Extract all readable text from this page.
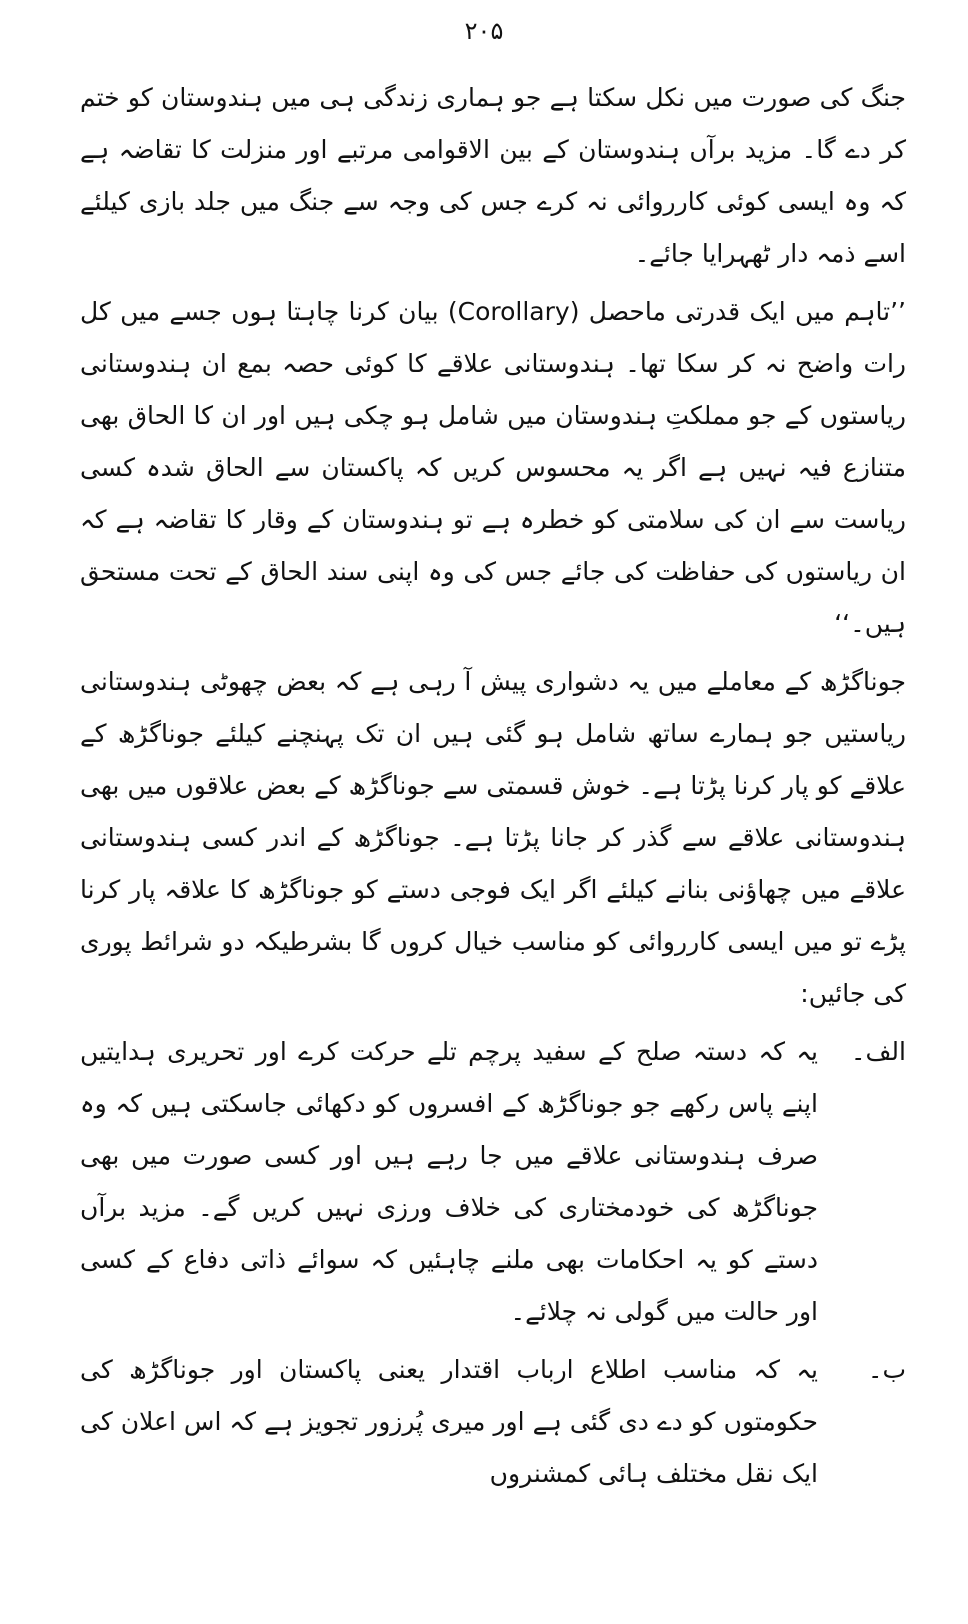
۲۰۵

جنگ کی صورت میں نکل سکتا ہے جو ہماری زندگی ہی میں ہندوستان کو ختم کر دے گا۔ مزید برآں ہندوستان کے بین الاقوامی مرتبے اور منزلت کا تقاضہ ہے کہ وہ ایسی کوئی کارروائی نہ کرے جس کی وجہ سے جنگ میں جلد بازی کیلئے اسے ذمہ دار ٹھہرایا جائے۔

’’تاہم میں ایک قدرتی ماحصل (Corollary) بیان کرنا چاہتا ہوں جسے میں کل رات واضح نہ کر سکا تھا۔ ہندوستانی علاقے کا کوئی حصہ بمع ان ہندوستانی ریاستوں کے جو مملکتِ ہندوستان میں شامل ہو چکی ہیں اور ان کا الحاق بھی متنازع فیہ نہیں ہے اگر یہ محسوس کریں کہ پاکستان سے الحاق شدہ کسی ریاست سے ان کی سلامتی کو خطرہ ہے تو ہندوستان کے وقار کا تقاضہ ہے کہ ان ریاستوں کی حفاظت کی جائے جس کی وہ اپنی سند الحاق کے تحت مستحق ہیں۔‘‘

جوناگڑھ کے معاملے میں یہ دشواری پیش آ رہی ہے کہ بعض چھوٹی ہندوستانی ریاستیں جو ہمارے ساتھ شامل ہو گئی ہیں ان تک پہنچنے کیلئے جوناگڑھ کے علاقے کو پار کرنا پڑتا ہے۔ خوش قسمتی سے جوناگڑھ کے بعض علاقوں میں بھی ہندوستانی علاقے سے گذر کر جانا پڑتا ہے۔ جوناگڑھ کے اندر کسی ہندوستانی علاقے میں چھاؤنی بنانے کیلئے اگر ایک فوجی دستے کو جوناگڑھ کا علاقہ پار کرنا پڑے تو میں ایسی کارروائی کو مناسب خیال کروں گا بشرطیکہ دو شرائط پوری کی جائیں:

الف۔
یہ کہ دستہ صلح کے سفید پرچم تلے حرکت کرے اور تحریری ہدایتیں اپنے پاس رکھے جو جوناگڑھ کے افسروں کو دکھائی جاسکتی ہیں کہ وہ صرف ہندوستانی علاقے میں جا رہے ہیں اور کسی صورت میں بھی جوناگڑھ کی خودمختاری کی خلاف ورزی نہیں کریں گے۔ مزید برآں دستے کو یہ احکامات بھی ملنے چاہئیں کہ سوائے ذاتی دفاع کے کسی اور حالت میں گولی نہ چلائے۔
ب۔
یہ کہ مناسب اطلاع ارباب اقتدار یعنی پاکستان اور جوناگڑھ کی حکومتوں کو دے دی گئی ہے اور میری پُرزور تجویز ہے کہ اس اعلان کی ایک نقل مختلف ہائی کمشنروں
